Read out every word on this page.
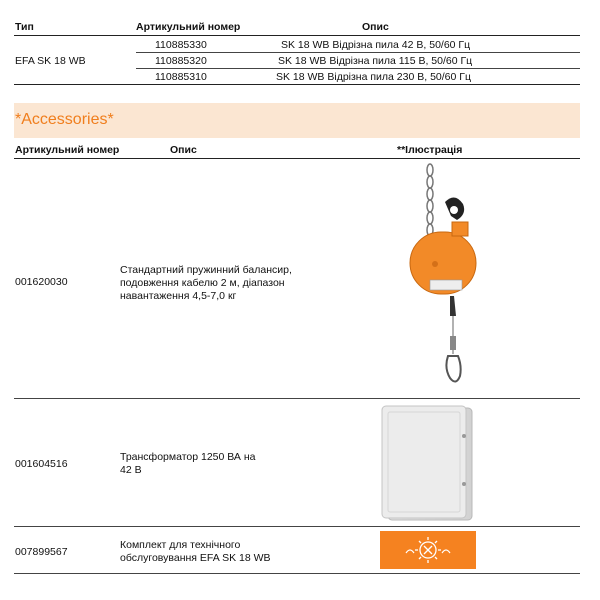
Тип	Артикульний номер	Опис
EFA SK 18 WB
110885330	SK 18 WB Відрізна пила 42 В, 50/60 Гц
110885320	SK 18 WB Відрізна пила 115 В, 50/60 Гц
110885310	SK 18 WB Відрізна пила 230 В, 50/60 Гц
*Accessories*
Артикульний номер	Опис	**Ілюстрація
001620030
Стандартний пружинний балансир,
подовження кабелю 2 м, діапазон
навантаження 4,5-7,0 кг
001604516
Трансформатор 1250 ВА на
42 В
007899567
Комплект для технічного
обслуговування EFA SK 18 WB
